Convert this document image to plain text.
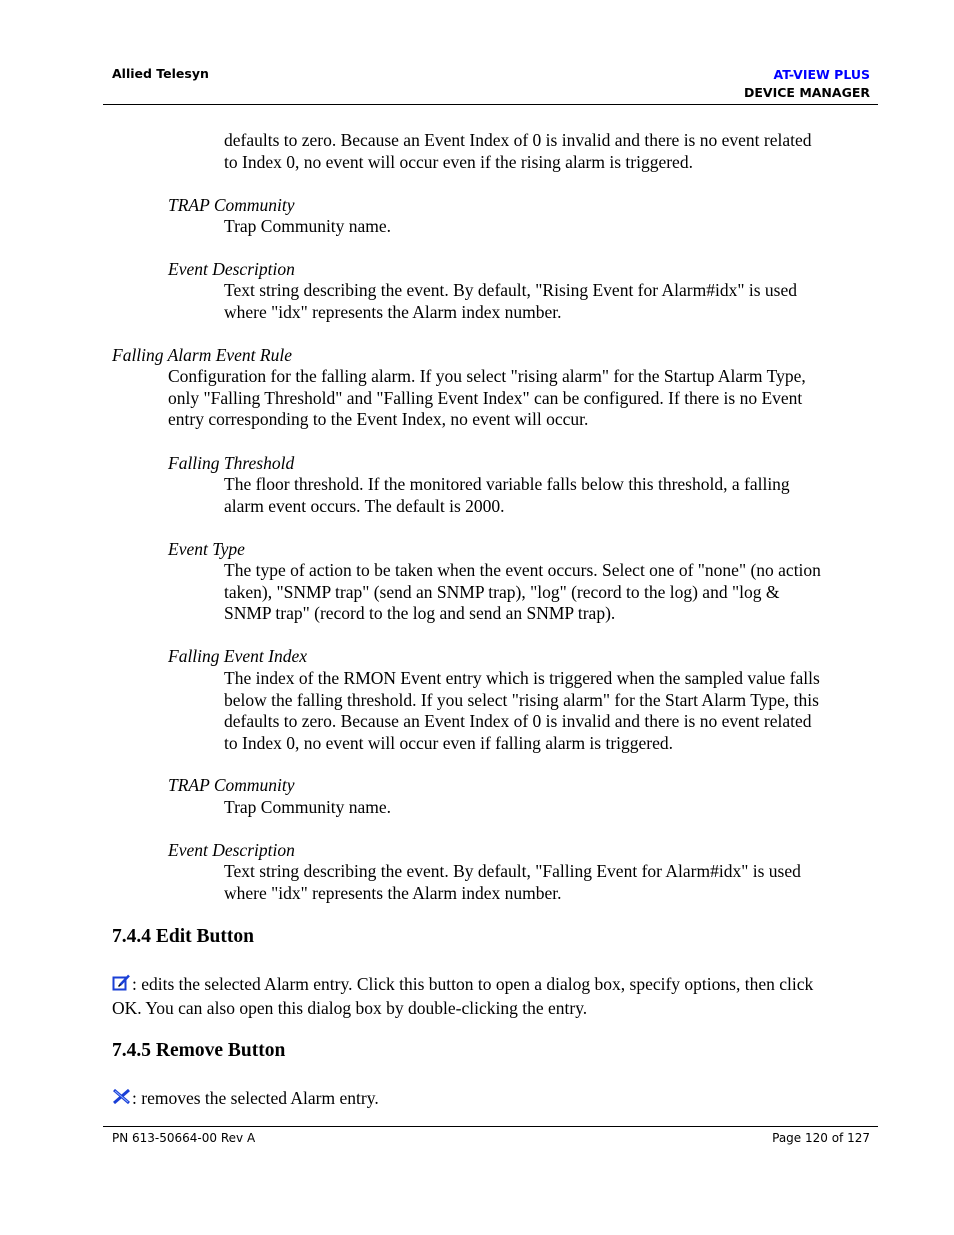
Allied Telesyn	AT-VIEW PLUS
DEVICE MANAGER
defaults to zero. Because an Event Index of 0 is invalid and there is no event related
to Index 0, no event will occur even if the rising alarm is triggered.
TRAP Community
Trap Community name.
Event Description
Text string describing the event. By default, "Rising Event for Alarm#idx" is used
where "idx" represents the Alarm index number.
Falling Alarm Event Rule
Configuration for the falling alarm. If you select "rising alarm" for the Startup Alarm Type,
only "Falling Threshold" and "Falling Event Index" can be configured. If there is no Event
entry corresponding to the Event Index, no event will occur.
Falling Threshold
The floor threshold. If the monitored variable falls below this threshold, a falling
alarm event occurs. The default is 2000.
Event Type
The type of action to be taken when the event occurs. Select one of "none" (no action
taken), "SNMP trap" (send an SNMP trap), "log" (record to the log) and "log &
SNMP trap" (record to the log and send an SNMP trap).
Falling Event Index
The index of the RMON Event entry which is triggered when the sampled value falls
below the falling threshold. If you select "rising alarm" for the Start Alarm Type, this
defaults to zero. Because an Event Index of 0 is invalid and there is no event related
to Index 0, no event will occur even if falling alarm is triggered.
TRAP Community
Trap Community name.
Event Description
Text string describing the event. By default, "Falling Event for Alarm#idx" is used
where "idx" represents the Alarm index number.
7.4.4 Edit Button
: edits the selected Alarm entry. Click this button to open a dialog box, specify options, then click
OK. You can also open this dialog box by double-clicking the entry.
7.4.5 Remove Button
: removes the selected Alarm entry.
PN 613-50664-00 Rev A	Page 120 of 127
